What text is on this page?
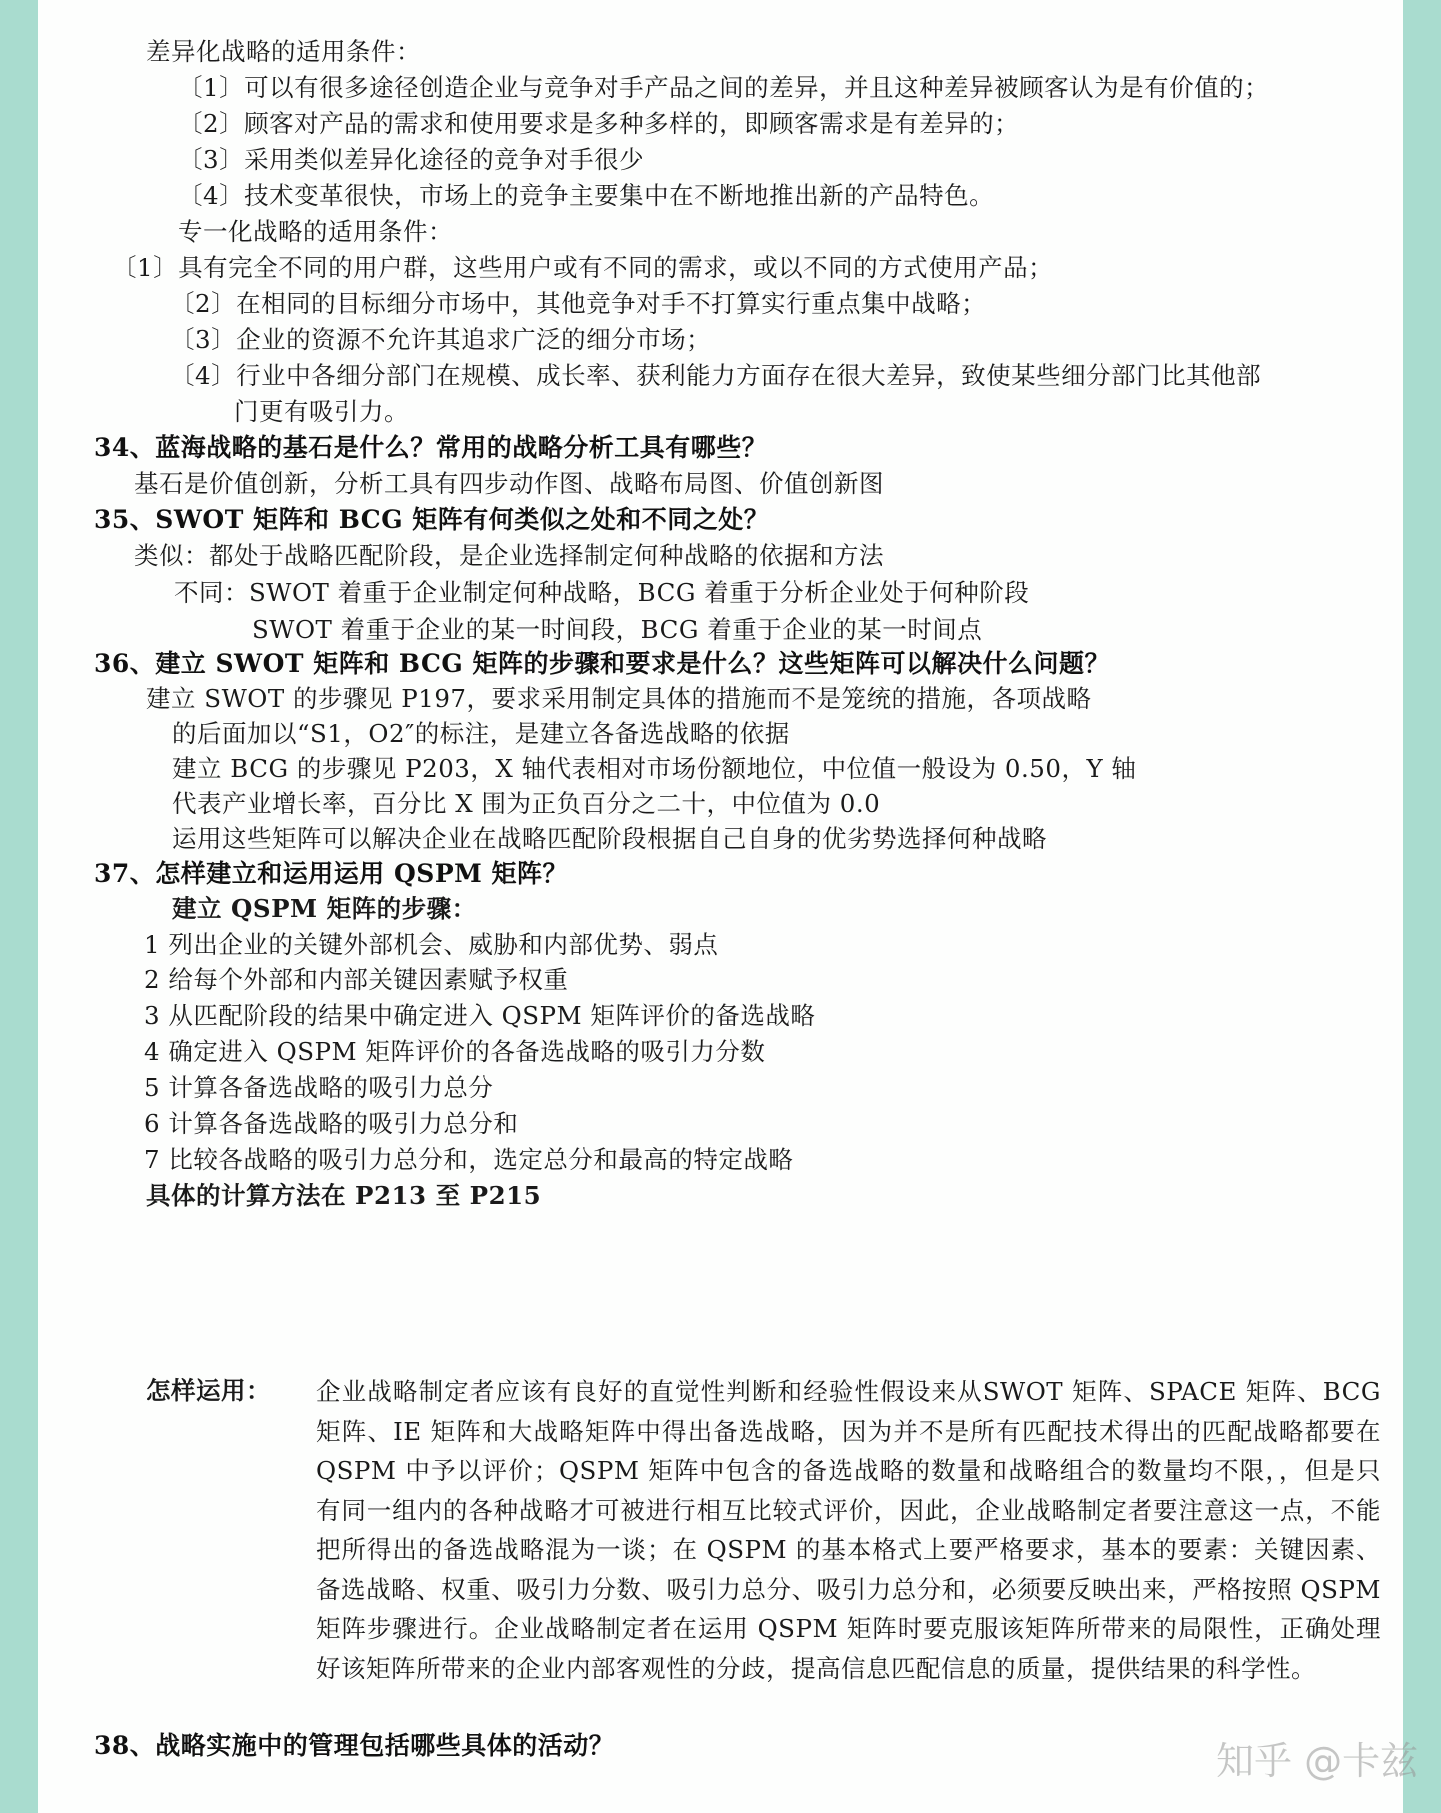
差异化战略的适用条件：
〔1〕可以有很多途径创造企业与竞争对手产品之间的差异，并且这种差异被顾客认为是有价值的；
〔2〕顾客对产品的需求和使用要求是多种多样的，即顾客需求是有差异的；
〔3〕采用类似差异化途径的竞争对手很少
〔4〕技术变革很快，市场上的竞争主要集中在不断地推出新的产品特色。
专一化战略的适用条件：
〔1〕具有完全不同的用户群，这些用户或有不同的需求，或以不同的方式使用产品；
〔2〕在相同的目标细分市场中，其他竞争对手不打算实行重点集中战略；
〔3〕企业的资源不允许其追求广泛的细分市场；
〔4〕行业中各细分部门在规模、成长率、获利能力方面存在很大差异，致使某些细分部门比其他部
门更有吸引力。
34、蓝海战略的基石是什么？常用的战略分析工具有哪些？
基石是价值创新，分析工具有四步动作图、战略布局图、价值创新图
35、SWOT 矩阵和 BCG 矩阵有何类似之处和不同之处？
类似：都处于战略匹配阶段，是企业选择制定何种战略的依据和方法
不同：SWOT 着重于企业制定何种战略，BCG 着重于分析企业处于何种阶段
SWOT 着重于企业的某一时间段，BCG 着重于企业的某一时间点
36、建立 SWOT 矩阵和 BCG 矩阵的步骤和要求是什么？这些矩阵可以解决什么问题？
建立 SWOT 的步骤见 P197，要求采用制定具体的措施而不是笼统的措施，各项战略
的后面加以“S1，O2″的标注，是建立各备选战略的依据
建立 BCG 的步骤见 P203，X 轴代表相对市场份额地位，中位值一般设为 0.50，Y 轴
代表产业增长率，百分比 X 围为正负百分之二十，中位值为 0.0
运用这些矩阵可以解决企业在战略匹配阶段根据自己自身的优劣势选择何种战略
37、怎样建立和运用运用 QSPM 矩阵？
建立 QSPM 矩阵的步骤：
1 列出企业的关键外部机会、威胁和内部优势、弱点
2 给每个外部和内部关键因素赋予权重
3 从匹配阶段的结果中确定进入 QSPM 矩阵评价的备选战略
4 确定进入 QSPM 矩阵评价的各备选战略的吸引力分数
5 计算各备选战略的吸引力总分
6 计算各备选战略的吸引力总分和
7 比较各战略的吸引力总分和，选定总分和最高的特定战略
具体的计算方法在 P213 至 P215
怎样运用： 企业战略制定者应该有良好的直觉性判断和经验性假设来从SWOT 矩阵、SPACE 矩阵、BCG 矩阵、IE 矩阵和大战略矩阵中得出备选战略，因为并不是所有匹配技术得出的匹配战略都要在 QSPM 中予以评价；QSPM 矩阵中包含的备选战略的数量和战略组合的数量均不限，，但是只有同一组内的各种战略才可被进行相互比较式评价，因此，企业战略制定者要注意这一点，不能把所得出的备选战略混为一谈；在 QSPM 的基本格式上要严格要求，基本的要素：关键因素、备选战略、权重、吸引力分数、吸引力总分、吸引力总分和，必须要反映出来，严格按照 QSPM 矩阵步骤进行。企业战略制定者在运用 QSPM 矩阵时要克服该矩阵所带来的局限性，正确处理好该矩阵所带来的企业内部客观性的分歧，提高信息匹配信息的质量，提供结果的科学性。
38、战略实施中的管理包括哪些具体的活动？	知乎 @卡兹
